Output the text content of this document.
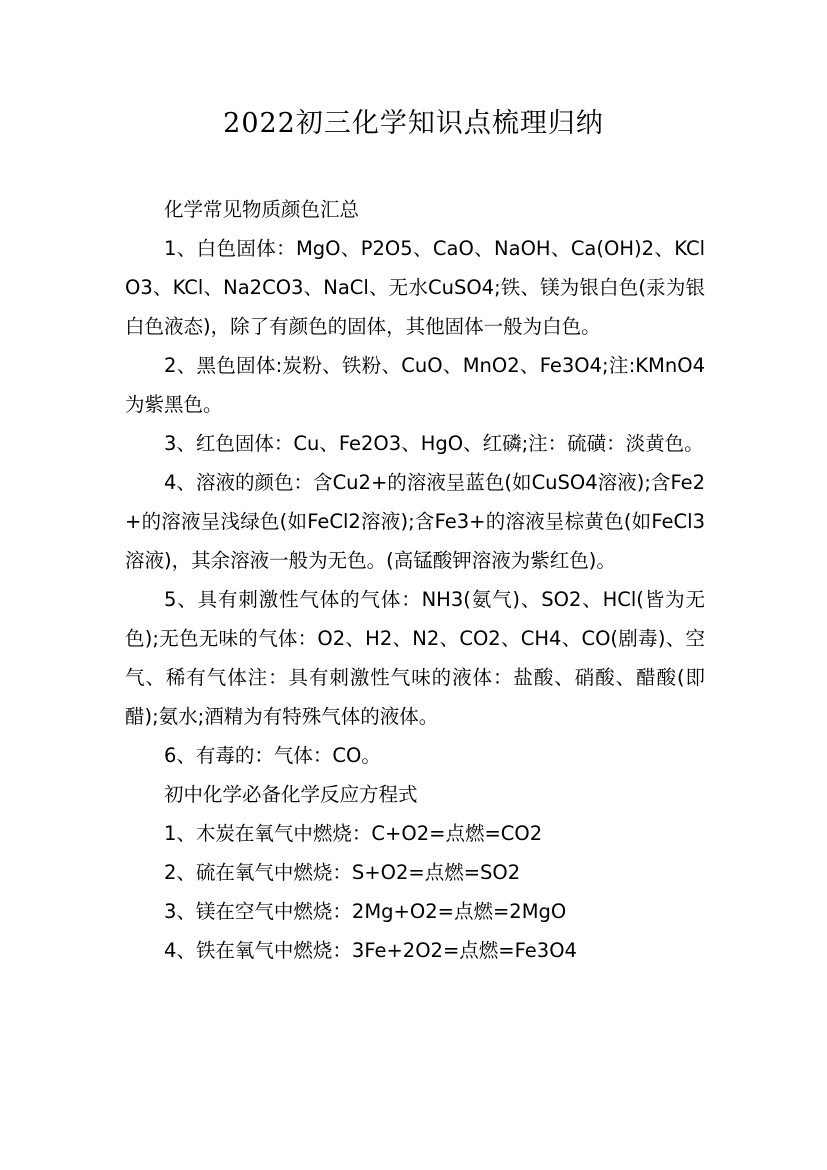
2022初三化学知识点梳理归纳

化学常见物质颜色汇总

1、白色固体：MgO、P2O5、CaO、NaOH、Ca(OH)2、KClO3、KCl、Na2CO3、NaCl、无水CuSO4;铁、镁为银白色(汞为银白色液态)，除了有颜色的固体，其他固体一般为白色。

2、黑色固体:炭粉、铁粉、CuO、MnO2、Fe3O4;注:KMnO4为紫黑色。

3、红色固体：Cu、Fe2O3、HgO、红磷;注：硫磺：淡黄色。

4、溶液的颜色：含Cu2+的溶液呈蓝色(如CuSO4溶液);含Fe2+的溶液呈浅绿色(如FeCl2溶液);含Fe3+的溶液呈棕黄色(如FeCl3溶液)，其余溶液一般为无色。(高锰酸钾溶液为紫红色)。

5、具有刺激性气体的气体：NH3(氨气)、SO2、HCl(皆为无色);无色无味的气体：O2、H2、N2、CO2、CH4、CO(剧毒)、空气、稀有气体注：具有刺激性气味的液体：盐酸、硝酸、醋酸(即醋);氨水;酒精为有特殊气体的液体。

6、有毒的：气体：CO。

初中化学必备化学反应方程式

1、木炭在氧气中燃烧：C+O2=点燃=CO2

2、硫在氧气中燃烧：S+O2=点燃=SO2

3、镁在空气中燃烧：2Mg+O2=点燃=2MgO

4、铁在氧气中燃烧：3Fe+2O2=点燃=Fe3O4
